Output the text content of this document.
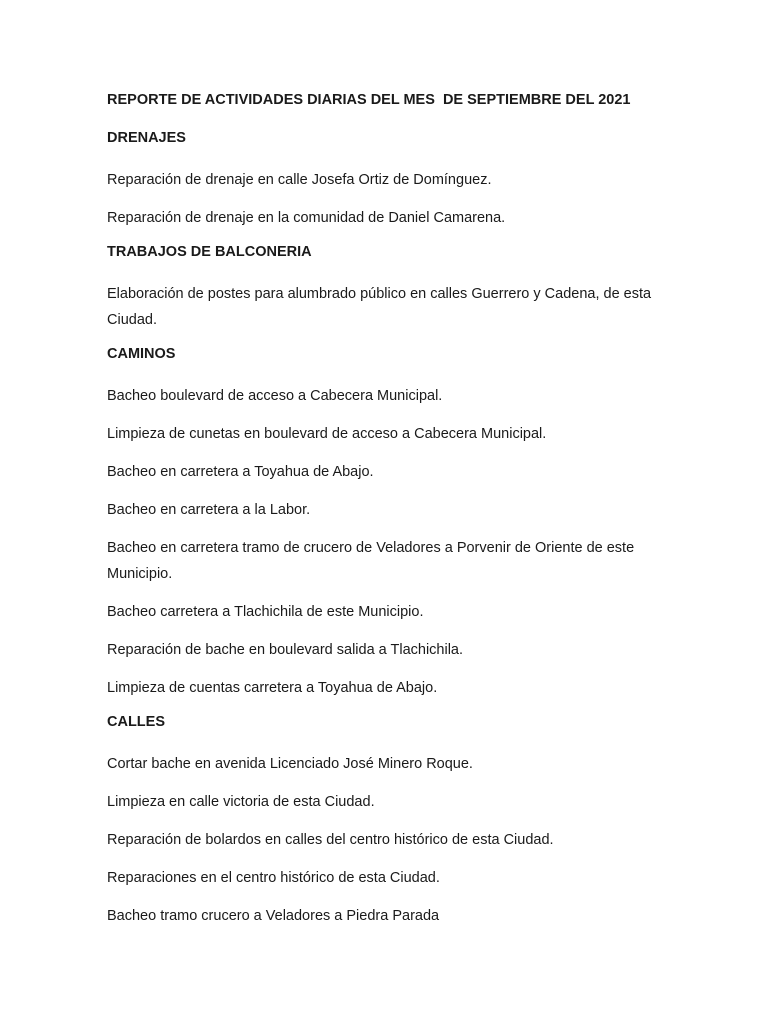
REPORTE DE ACTIVIDADES DIARIAS DEL MES  DE SEPTIEMBRE DEL 2021
DRENAJES

Reparación de drenaje en calle Josefa Ortiz de Domínguez.

Reparación de drenaje en la comunidad de Daniel Camarena.

TRABAJOS DE BALCONERIA

Elaboración de postes para alumbrado público en calles Guerrero y Cadena, de esta Ciudad.

CAMINOS

Bacheo boulevard de acceso a Cabecera Municipal.

Limpieza de cunetas en boulevard de acceso a Cabecera Municipal.

Bacheo en carretera a Toyahua de Abajo.

Bacheo en carretera a la Labor.

Bacheo en carretera tramo de crucero de Veladores a Porvenir de Oriente de este Municipio.

Bacheo carretera a Tlachichila de este Municipio.

Reparación de bache en boulevard salida a Tlachichila.

Limpieza de cuentas carretera a Toyahua de Abajo.

CALLES

Cortar bache en avenida Licenciado José Minero Roque.

Limpieza en calle victoria de esta Ciudad.

Reparación de bolardos en calles del centro histórico de esta Ciudad.

Reparaciones en el centro histórico de esta Ciudad.

Bacheo tramo crucero a Veladores a Piedra Parada
